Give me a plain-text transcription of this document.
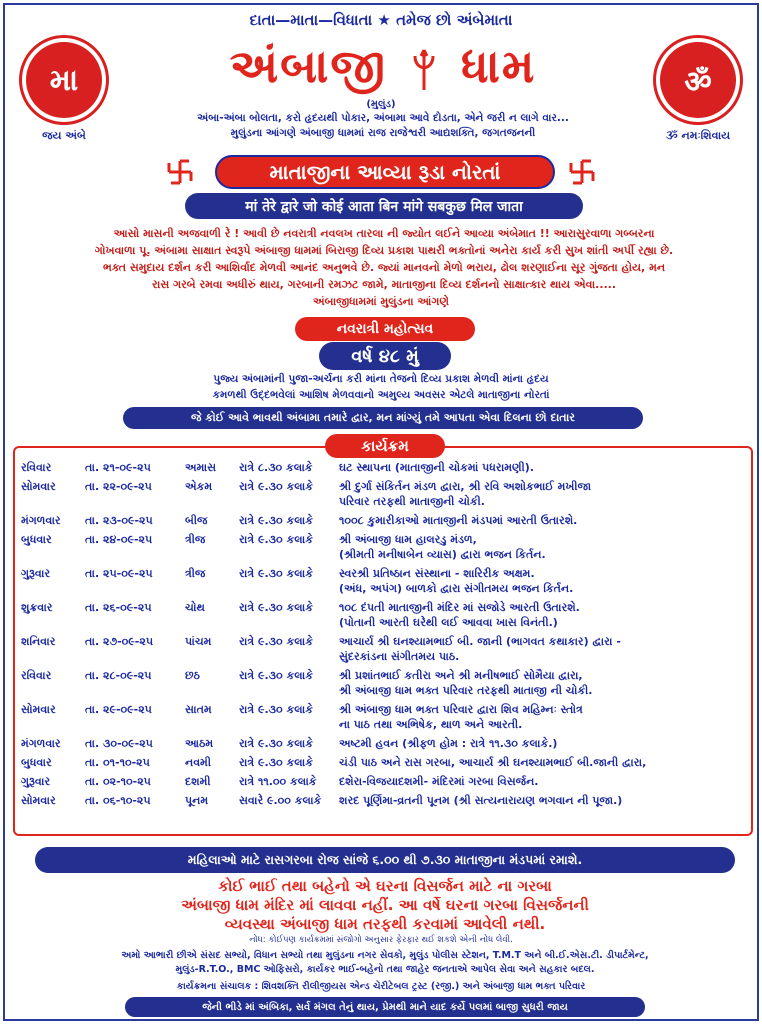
દાતા—માતા—વિધાતા ★ તમેજ છો અંબેમાતા
મા
જય અંબે
ॐ
ૐ નમઃશિવાય
અંબાજી ધામ
(મુલુંડ)
અંબા-અંબા બોલતા, કરો હૃદયથી પોકાર, અંબામા આવે દોડતા, એને જરી ન લાગે વાર...
મુલુંડના આંગણે અંબાજી ધામમાં રાજ રાજેશ્વરી આદ્યશક્તિ, જગતજનની
માતાજીના આવ્યા રૂડા નોરતાં
मां तेरे द्वारे जो कोई आता बिन मांगे सबकुछ मिल जाता
આસો માસની અજવાળી રે ! આવી છે નવરાત્રી નવલખ તારલા ની જ્યોત લઈને આવ્યા અંબેમાત !! આરાસુરવાળા ગબ્બરના
ગોખવાળા પૂ. અંબામા સાક્ષાત સ્વરૂપે અંબાજી ધામમાં બિરાજી દિવ્ય પ્રકાશ પાથરી ભક્તોનાં અનેરા કાર્ય કરી સુખ શાંતી અર્પી રહ્યા છે.
ભક્ત સમુદાય દર્શન કરી આશિર્વાદ મેળવી આનંદ અનુભવે છે. જ્યાં માનવનો મેળો ભરાય, ઢોલ શરણાઈના સૂર ગુંજતા હોય, મન
રાસ ગરબે રમવા અધીરું થાય, ગરબાની રમઝટ જામે, માતાજીના દિવ્ય દર્શનનો સાક્ષાત્કાર થાય એવા.....
અંબાજીધામમાં મુલુંડના આંગણે
નવરાત્રી મહોત્સવ
વર્ષ ૪૮ મું
પુજ્ય અંબામાંની પુજા-અર્ચના કરી માંના તેજનો દિવ્ય પ્રકાશ મેળવી માંના હૃદય
કમળથી ઉદ્દભવેલાં આશિષ મેળવવાનો અમુલ્ય અવસર એટલે માતાજીના નોરતાં
જે કોઈ આવે ભાવથી અંબામા તમારે દ્વાર, મન માંગ્યું તમે આપતા એવા દિલના છો દાતાર
કાર્યક્રમ
રવિવાર	તા. ૨૧-૦૯-૨૫	અમાસ	રાત્રે ૮.૩૦ કલાકે	ઘટ સ્થાપના (માતાજીની ચોકમાં પધરામણી).
સોમવાર	તા. ૨૨-૦૯-૨૫	એકમ	રાત્રે ૯.૩૦ કલાકે	શ્રી દુર્ગા સંકિર્તન મંડળ દ્વારા, શ્રી રવિ અશોકભાઈ મખીજા
પરિવાર તરફથી માતાજીની ચોકી.
મંગળવાર	તા. ૨૩-૦૯-૨૫	બીજ	રાત્રે ૯.૩૦ કલાકે	૧૦૦૮ કુમારીકાઓ માતાજીની મંડપમાં આરતી ઉતારશે.
બુધવાર	તા. ૨૪-૦૯-૨૫	ત્રીજ	રાત્રે ૯.૩૦ કલાકે	શ્રી અંબાજી ધામ હાલરડુ મંડળ,
(શ્રીમતી મનીષાબેન વ્યાસ) દ્વારા ભજન કિર્તન.
ગુરૂવાર	તા. ૨૫-૦૯-૨૫	ત્રીજ	રાત્રે ૯.૩૦ કલાકે	સ્વરશ્રી પ્રતિષ્ઠાન સંસ્થાના - શારિરીક અક્ષમ.
(અંધ, અપંગ) બાળકો દ્વારા સંગીતમય ભજન કિર્તન.
શુક્રવાર	તા. ૨૬-૦૯-૨૫	ચોથ	રાત્રે ૯.૩૦ કલાકે	૧૦૮ દંપતી માતાજીની મંદિર માં સજોડે આરતી ઉતારશે.
(પોતાની આરતી ઘરેથી લઈ આવવા ખાસ વિનંતી.)
શનિવાર	તા. ૨૭-૦૯-૨૫	પાંચમ	રાત્રે ૯.૩૦ કલાકે	આચાર્ય શ્રી ઘનશ્યામભાઈ બી. જાની (ભાગવત કથાકાર) દ્વારા -
સુંદરકાંડના સંગીતમય પાઠ.
રવિવાર	તા. ૨૮-૦૯-૨૫	છઠ	રાત્રે ૯.૩૦ કલાકે	શ્રી પ્રશાંતભાઈ કતીરા અને શ્રી મનીષભાઈ સોમૈયા દ્વારા,
શ્રી અંબાજી ધામ ભક્ત પરિવાર તરફથી માતાજી ની ચોકી.
સોમવાર	તા. ૨૯-૦૯-૨૫	સાતમ	રાત્રે ૯.૩૦ કલાકે	શ્રી અંબાજી ધામ ભક્ત પરિવાર દ્વારા શિવ મહિમ્નઃ સ્તોત્ર
ના પાઠ તથા અભિષેક, થાળ અને આરતી.
મંગળવાર	તા. ૩૦-૦૯-૨૫	આઠમ	રાત્રે ૯.૩૦ કલાકે	અષ્ટમી હવન (શ્રીફળ હોમ : રાત્રે ૧૧.૩૦ કલાકે.)
બુધવાર	તા. ૦૧-૧૦-૨૫	નવમી	રાત્રે ૯.૩૦ કલાકે	ચંડી પાઠ અને રાસ ગરબા, આચાર્ય શ્રી ઘનશ્યામભાઈ બી.જાની દ્વારા,
ગુરૂવાર	તા. ૦૨-૧૦-૨૫	દશમી	રાત્રે ૧૧.૦૦ કલાકે	દશેરા-વિજયાદશમી- મંદિરમાં ગરબા વિસર્જન.
સોમવાર	તા. ૦૬-૧૦-૨૫	પૂનમ	સવારે ૯.૦૦ કલાકે	શરદ પૂર્ણિમા-વ્રતની પૂનમ (શ્રી સત્યનારાયણ ભગવાન ની પૂજા.)
મહિલાઓ માટે રાસગરબા રોજ સાંજે ૬.૦૦ થી ૭.૩૦ માતાજીના મંડપમાં રમાશે.
કોઈ ભાઈ તથા બહેનો એ ઘરના વિસર્જન માટે ના ગરબા
અંબાજી ધામ મંદિર માં લાવવા નહીં. આ વર્ષે ઘરના ગરબા વિસર્જનની
વ્યવસ્થા અંબાજી ધામ તરફથી કરવામાં આવેલી નથી.
નોંધ: કોઈપણ કાર્યક્રમમાં સંજોગો અનુસાર ફેરફાર થઈ શકશે એની નોંધ લેવી.
અમો આભારી છીએ સંસદ સભ્યો, વિધાન સભ્યો તથા મુલુંડના નગર સેવકો, મુલુંડ પોલીસ સ્ટેશન, T.M.T અને બી.ઈ.એસ.ટી. ડીપાર્ટમેન્ટ,
મુલુંડ-R.T.O., BMC ઓફિસરો, કાર્યકર ભાઈ-બહેનો તથા જાહેર જનતાએ આપેલ સેવા અને સહકાર બદલ.
કાર્યક્રમના સંચાલક : શિવશક્તિ રીલીજીયસ એન્ડ ચેરીટેબલ ટ્રસ્ટ (રજી.) અને અંબાજી ધામ ભક્ત પરિવાર
જેની ભીડે માં અંબિકા, સર્વ મંગલ તેનું થાય, પ્રેમથી માને યાદ કર્યે પલમાં બાજી સુધરી જાય
